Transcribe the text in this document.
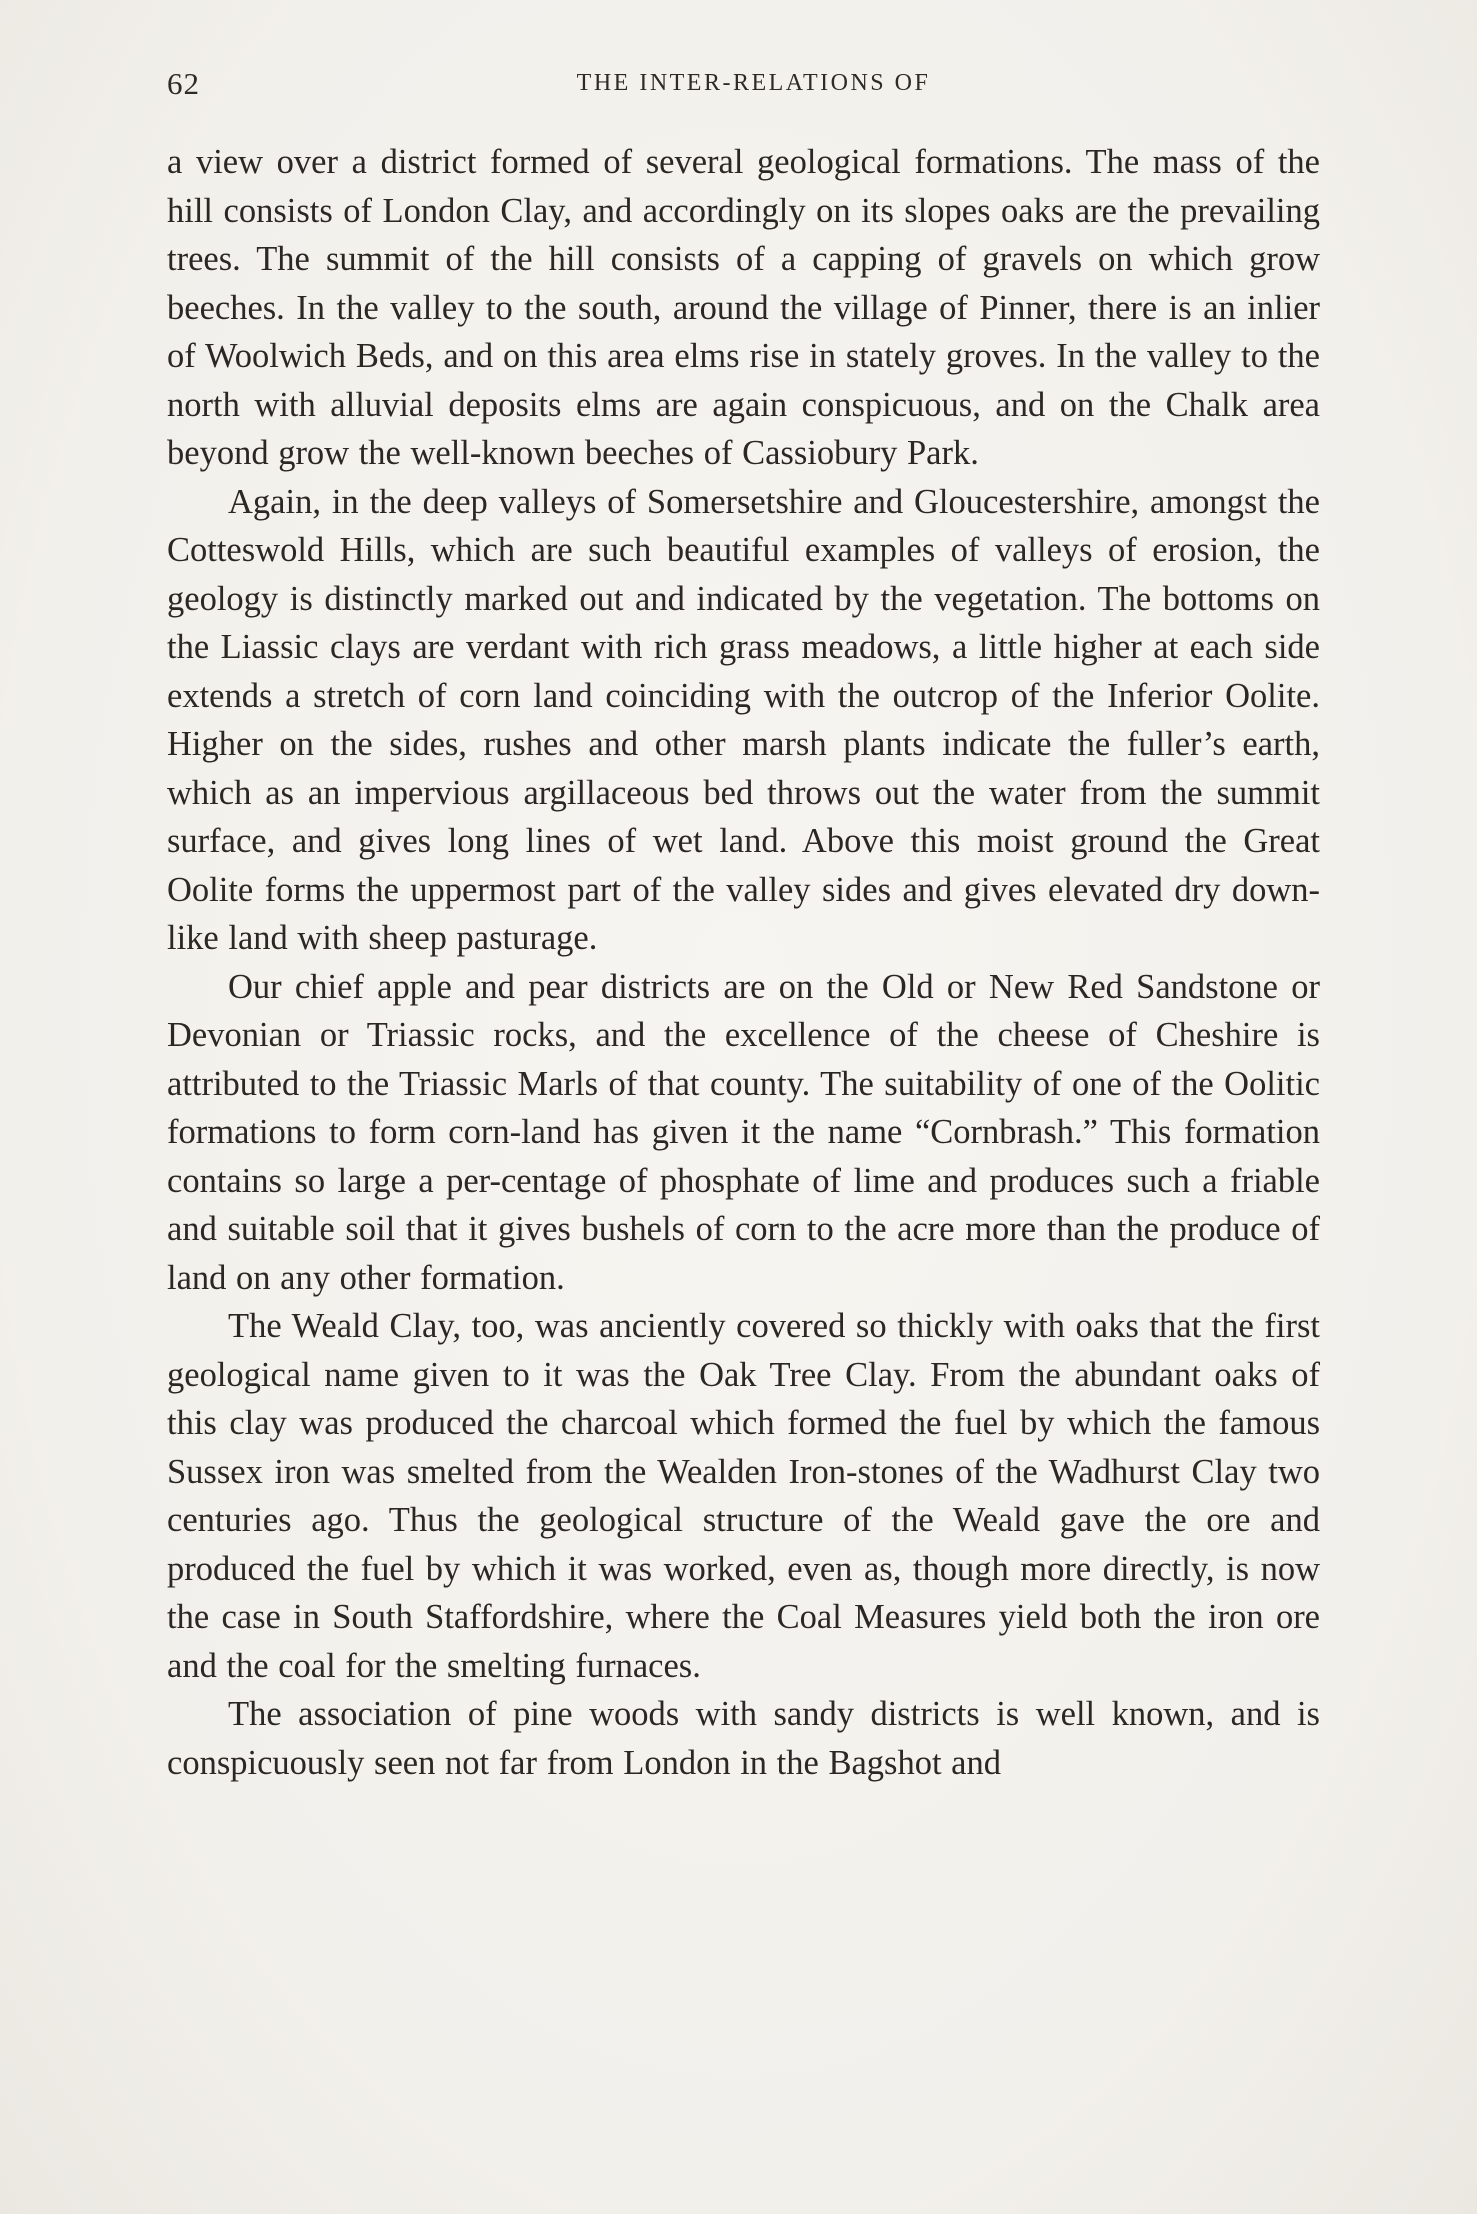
62	THE INTER-RELATIONS OF

a view over a district formed of several geological formations. The mass of the hill consists of London Clay, and accordingly on its slopes oaks are the prevailing trees. The summit of the hill consists of a capping of gravels on which grow beeches. In the valley to the south, around the village of Pinner, there is an inlier of Woolwich Beds, and on this area elms rise in stately groves. In the valley to the north with alluvial deposits elms are again conspicuous, and on the Chalk area beyond grow the well-known beeches of Cassiobury Park.

Again, in the deep valleys of Somersetshire and Gloucestershire, amongst the Cotteswold Hills, which are such beautiful examples of valleys of erosion, the geology is distinctly marked out and indicated by the vegetation. The bottoms on the Liassic clays are verdant with rich grass meadows, a little higher at each side extends a stretch of corn land coinciding with the outcrop of the Inferior Oolite. Higher on the sides, rushes and other marsh plants indicate the fuller’s earth, which as an impervious argillaceous bed throws out the water from the summit surface, and gives long lines of wet land. Above this moist ground the Great Oolite forms the uppermost part of the valley sides and gives elevated dry down-like land with sheep pasturage.

Our chief apple and pear districts are on the Old or New Red Sandstone or Devonian or Triassic rocks, and the excellence of the cheese of Cheshire is attributed to the Triassic Marls of that county. The suitability of one of the Oolitic formations to form corn-land has given it the name “Cornbrash.” This formation contains so large a per-centage of phosphate of lime and produces such a friable and suitable soil that it gives bushels of corn to the acre more than the produce of land on any other formation.

The Weald Clay, too, was anciently covered so thickly with oaks that the first geological name given to it was the Oak Tree Clay. From the abundant oaks of this clay was produced the charcoal which formed the fuel by which the famous Sussex iron was smelted from the Wealden Iron-stones of the Wadhurst Clay two centuries ago. Thus the geological structure of the Weald gave the ore and produced the fuel by which it was worked, even as, though more directly, is now the case in South Staffordshire, where the Coal Measures yield both the iron ore and the coal for the smelting furnaces.

The association of pine woods with sandy districts is well known, and is conspicuously seen not far from London in the Bagshot and
